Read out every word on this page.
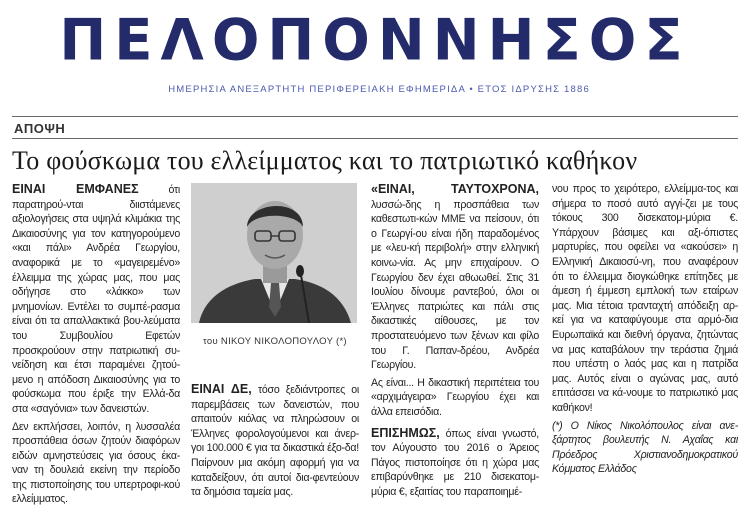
ΠΕΛΟΠΟΝΝΗΣΟΣ
ΗΜΕΡΗΣΙΑ ΑΝΕΞΑΡΤΗΤΗ ΠΕΡΙΦΕΡΕΙΑΚΗ ΕΦΗΜΕΡΙΔΑ • ΕΤΟΣ ΙΔΡΥΣΗΣ 1886
ΑΠΟΨΗ
Το φούσκωμα του ελλείμματος και το πατριωτικό καθήκον

ΕΙΝΑΙ ΕΜΦΑΝΕΣ	ότι παρατηρού-νται διιστάμενες αξιολογήσεις στα υψηλά κλιμάκια της Δικαιοσύνης για τον κατηγορούμενο «και πάλι» Ανδρέα Γεωργίου, αναφορικά με το «μαγειρεμένο» έλλειμμα της χώρας μας, που μας οδήγησε στο «λάκκο» των μνημονίων. Εντέλει το συμπέ-ρασμα είναι ότι τα απαλλακτικά βου-λεύματα του Συμβουλίου Εφετών προσκρούουν στην πατριωτική συ-νείδηση και έτσι παραμένει ζητού-μενο η απόδοση Δικαιοσύνης για το φούσκωμα που έριξε την Ελλά-δα στα «σαγόνια» των δανειστών.

Δεν εκπλήσσει, λοιπόν, η λυσσαλέα προσπάθεια όσων ζητούν διαφόρων ειδών αμνηστεύσεις για όσους έκα-ναν τη δουλειά εκείνη την περίοδο της πιστοποίησης του υπερτροφι-κού ελλείμματος.

του ΝΙΚΟΥ ΝΙΚΟΛΟΠΟΥΛΟΥ (*)

ΕΙΝΑΙ ΔΕ, τόσο ξεδιάντροπες οι παρεμβάσεις των δανειστών, που απαιτούν κιόλας να πληρώσουν οι Έλληνες φορολογούμενοι και άνερ-γοι 100.000 € για τα δικαστικά έξο-δα! Παίρνουν μια ακόμη αφορμή για να καταδείξουν, ότι αυτοί δια-φεντεύουν τα δημόσια ταμεία μας.

«ΕΙΝΑΙ, ΤΑΥΤΟΧΡΟΝΑ, λυσσώ-δης η προσπάθεια των καθεστωτι-κών ΜΜΕ να πείσουν, ότι ο Γεωργί-ου είναι ήδη παραδομένος με «λευ-κή περιβολή» στην ελληνική κοινω-νία. Ας μην επιχαίρουν. Ο Γεωργίου δεν έχει αθωωθεί. Στις 31 Ιουλίου δίνουμε ραντεβού, όλοι οι Έλληνες πατριώτες και πάλι στις δικαστικές αίθουσες, με τον προστατευόμενο των ξένων και φίλο του Γ. Παπαν-δρέου, Ανδρέα Γεωργίου.

Ας είναι... Η δικαστική περιπέτεια του «αρχιμάγειρα» Γεωργίου έχει και άλλα επεισόδια.

ΕΠΙΣΗΜΩΣ, όπως είναι γνωστό, τον Αύγουστο του 2016 ο Άρειος Πάγος πιστοποίησε ότι η χώρα μας επιβαρύνθηκε με 210 δισεκατομ-μύρια €, εξαιτίας του παραποιημέ-

νου προς το χειρότερο, ελλείμμα-τος και σήμερα το ποσό αυτό αγγί-ζει με τους τόκους 300 δισεκατομ-μύρια €. Υπάρχουν βάσιμες και αξι-όπιστες μαρτυρίες, που οφείλει να «ακούσει» η Ελληνική Δικαιοσύ-νη, που αναφέρουν ότι το έλλειμμα διογκώθηκε επίτηδες με άμεση ή έμμεση εμπλοκή των εταίρων μας. Μια τέτοια τρανταχτή απόδειξη αρ-κεί για να καταφύγουμε στα αρμό-δια Ευρωπαϊκά και διεθνή όργανα, ζητώντας να μας καταβάλουν την τεράστια ζημιά που υπέστη ο λαός μας και η πατρίδα μας. Αυτός είναι ο αγώνας μας, αυτό επιτάσσει να κά-νουμε το πατριωτικό μας καθήκον!

(*) Ο Νίκος Νικολόπουλος είναι ανε-ξάρτητος βουλευτής Ν. Αχαΐας και Πρόεδρος Χριστιανοδημοκρατικού Κόμματος Ελλάδος
